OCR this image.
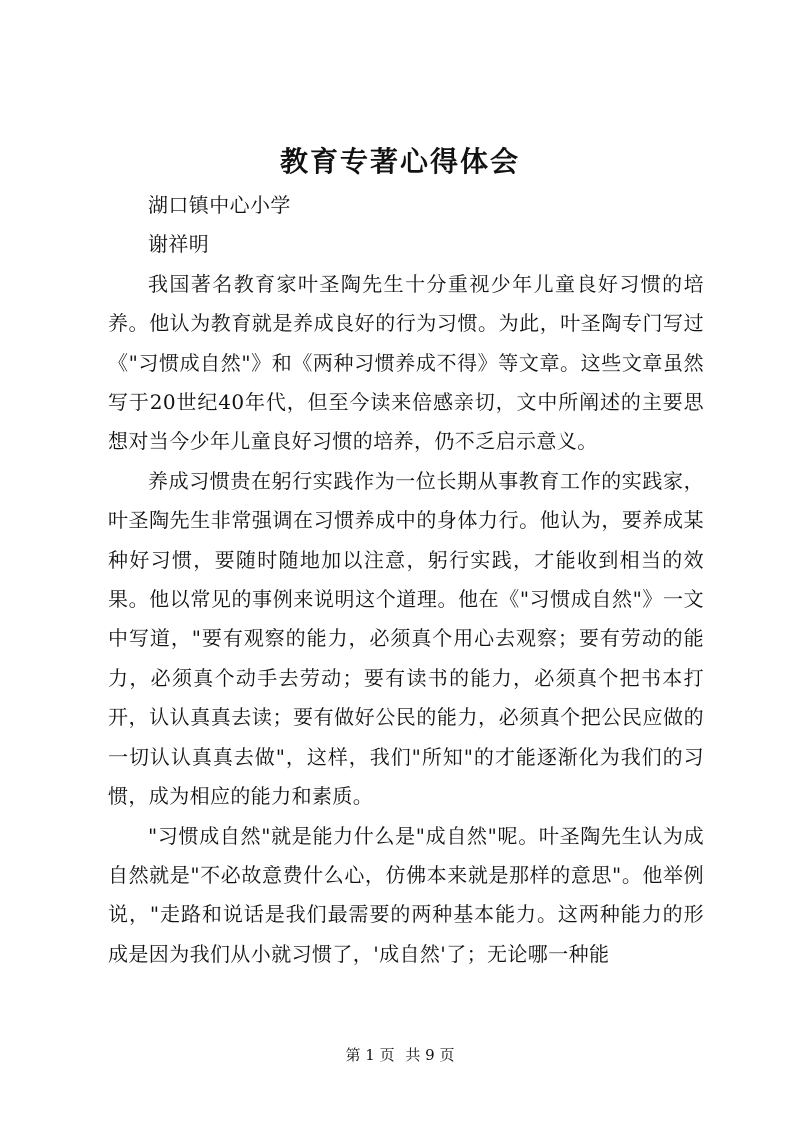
教育专著心得体会

湖口镇中心小学

谢祥明

我国著名教育家叶圣陶先生十分重视少年儿童良好习惯的培养。他认为教育就是养成良好的行为习惯。为此，叶圣陶专门写过《"习惯成自然"》和《两种习惯养成不得》等文章。这些文章虽然写于20世纪40年代，但至今读来倍感亲切，文中所阐述的主要思想对当今少年儿童良好习惯的培养，仍不乏启示意义。

养成习惯贵在躬行实践作为一位长期从事教育工作的实践家，叶圣陶先生非常强调在习惯养成中的身体力行。他认为，要养成某种好习惯，要随时随地加以注意，躬行实践，才能收到相当的效果。他以常见的事例来说明这个道理。他在《"习惯成自然"》一文中写道，"要有观察的能力，必须真个用心去观察；要有劳动的能力，必须真个动手去劳动；要有读书的能力，必须真个把书本打开，认认真真去读；要有做好公民的能力，必须真个把公民应做的一切认认真真去做"，这样，我们"所知"的才能逐渐化为我们的习惯，成为相应的能力和素质。

"习惯成自然"就是能力什么是"成自然"呢。叶圣陶先生认为成自然就是"不必故意费什么心，仿佛本来就是那样的意思"。他举例说，"走路和说话是我们最需要的两种基本能力。这两种能力的形成是因为我们从小就习惯了，'成自然'了；无论哪一种能

第 1 页 共 9 页
